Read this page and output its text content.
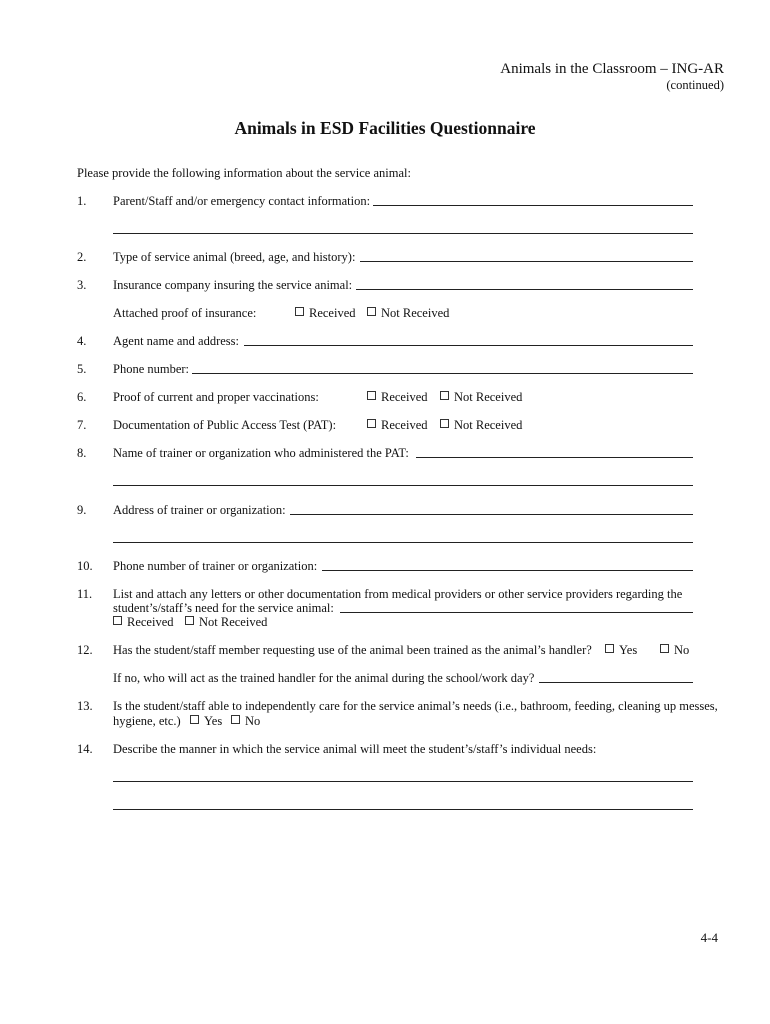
Animals in the Classroom – ING-AR
(continued)
Animals in ESD Facilities Questionnaire
Please provide the following information about the service animal:
1. Parent/Staff and/or emergency contact information:
2. Type of service animal (breed, age, and history):
3. Insurance company insuring the service animal:
Attached proof of insurance:	Received	Not Received
4. Agent name and address:
5. Phone number:
6. Proof of current and proper vaccinations:	Received	Not Received
7. Documentation of Public Access Test (PAT):	Received	Not Received
8. Name of trainer or organization who administered the PAT:
9. Address of trainer or organization:
10. Phone number of trainer or organization:
11. List and attach any letters or other documentation from medical providers or other service providers regarding the
student’s/staff’s need for the service animal:
Received	Not Received
12. Has the student/staff member requesting use of the animal been trained as the animal’s handler?	Yes	No
If no, who will act as the trained handler for the animal during the school/work day?
13. Is the student/staff able to independently care for the service animal’s needs (i.e., bathroom, feeding, cleaning up messes,
hygiene, etc.)	Yes	No
14. Describe the manner in which the service animal will meet the student’s/staff’s individual needs:
4-4
